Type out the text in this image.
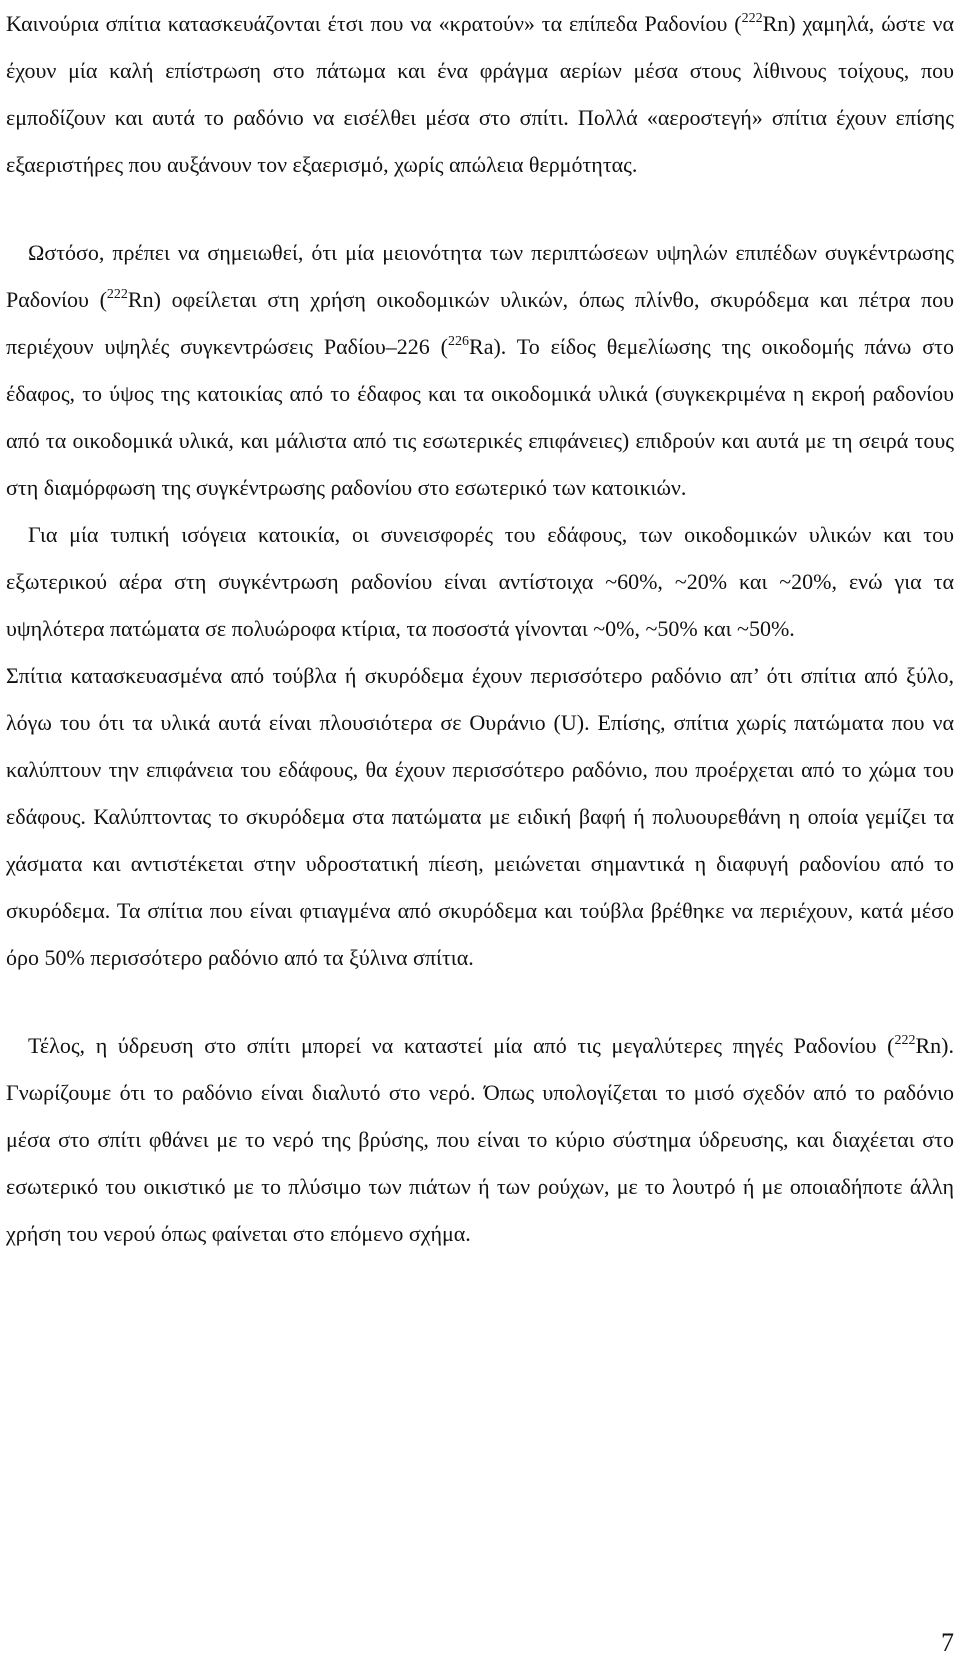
Καινούρια σπίτια κατασκευάζονται έτσι που να «κρατούν» τα επίπεδα Ραδονίου ($^{222}$Rn) χαμηλά, ώστε να έχουν μία καλή επίστρωση στο πάτωμα και ένα φράγμα αερίων μέσα στους λίθινους τοίχους, που εμποδίζουν και αυτά το ραδόνιο να εισέλθει μέσα στο σπίτι. Πολλά «αεροστεγή» σπίτια έχουν επίσης εξαεριστήρες που αυξάνουν τον εξαερισμό, χωρίς απώλεια θερμότητας.

Ωστόσο, πρέπει να σημειωθεί, ότι μία μειονότητα των περιπτώσεων υψηλών επιπέδων συγκέντρωσης Ραδονίου ($^{222}$Rn) οφείλεται στη χρήση οικοδομικών υλικών, όπως πλίνθο, σκυρόδεμα και πέτρα που περιέχουν υψηλές συγκεντρώσεις Ραδίου–226 ($^{226}$Ra). Το είδος θεμελίωσης της οικοδομής πάνω στο έδαφος, το ύψος της κατοικίας από το έδαφος και τα οικοδομικά υλικά (συγκεκριμένα η εκροή ραδονίου από τα οικοδομικά υλικά, και μάλιστα από τις εσωτερικές επιφάνειες) επιδρούν και αυτά με τη σειρά τους στη διαμόρφωση της συγκέντρωσης ραδονίου στο εσωτερικό των κατοικιών.

Για μία τυπική ισόγεια κατοικία, οι συνεισφορές του εδάφους, των οικοδομικών υλικών και του εξωτερικού αέρα στη συγκέντρωση ραδονίου είναι αντίστοιχα ~60%, ~20% και ~20%, ενώ για τα υψηλότερα πατώματα σε πολυώροφα κτίρια, τα ποσοστά γίνονται ~0%, ~50% και ~50%.

Σπίτια κατασκευασμένα από τούβλα ή σκυρόδεμα έχουν περισσότερο ραδόνιο απ’ ότι σπίτια από ξύλο, λόγω του ότι τα υλικά αυτά είναι πλουσιότερα σε Ουράνιο (U). Επίσης, σπίτια χωρίς πατώματα που να καλύπτουν την επιφάνεια του εδάφους, θα έχουν περισσότερο ραδόνιο, που προέρχεται από το χώμα του εδάφους. Καλύπτοντας το σκυρόδεμα στα πατώματα με ειδική βαφή ή πολυουρεθάνη η οποία γεμίζει τα χάσματα και αντιστέκεται στην υδροστατική πίεση, μειώνεται σημαντικά η διαφυγή ραδονίου από το σκυρόδεμα. Τα σπίτια που είναι φτιαγμένα από σκυρόδεμα και τούβλα βρέθηκε να περιέχουν, κατά μέσο όρο 50% περισσότερο ραδόνιο από τα ξύλινα σπίτια.

Τέλος, η ύδρευση στο σπίτι μπορεί να καταστεί μία από τις μεγαλύτερες πηγές Ραδονίου ($^{222}$Rn). Γνωρίζουμε ότι το ραδόνιο είναι διαλυτό στο νερό. Όπως υπολογίζεται το μισό σχεδόν από το ραδόνιο μέσα στο σπίτι φθάνει με το νερό της βρύσης, που είναι το κύριο σύστημα ύδρευσης, και διαχέεται στο εσωτερικό του οικιστικό με το πλύσιμο των πιάτων ή των ρούχων, με το λουτρό ή με οποιαδήποτε άλλη χρήση του νερού όπως φαίνεται στο επόμενο σχήμα.

7
